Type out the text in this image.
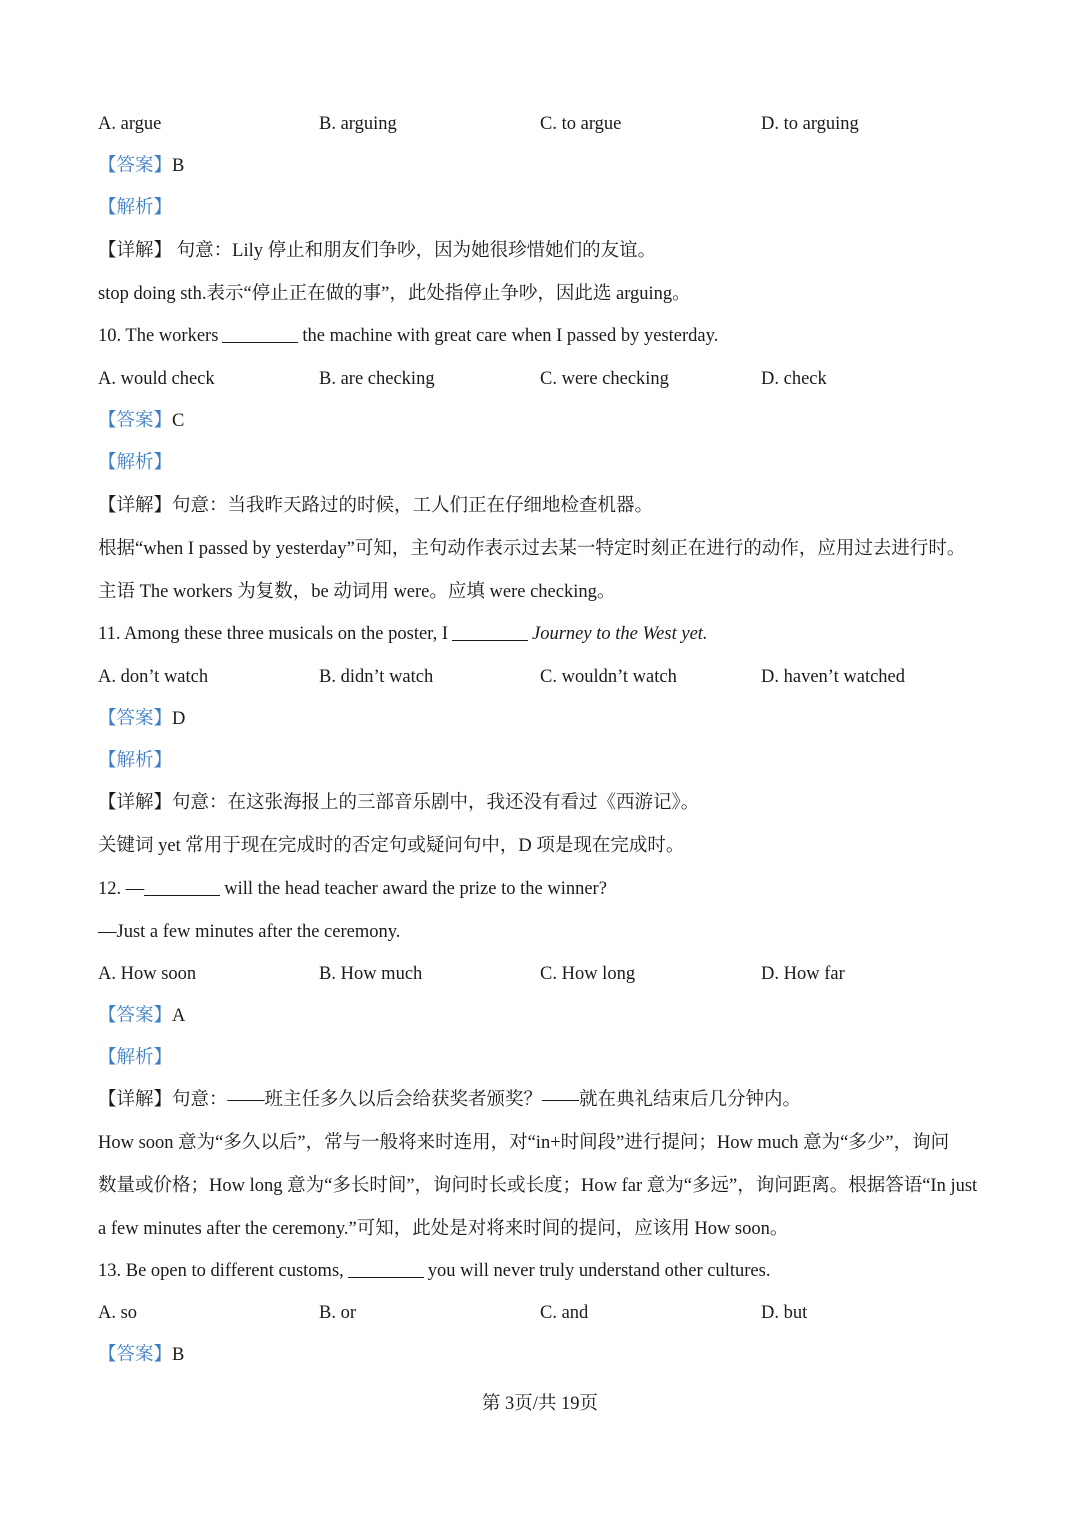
A. argue	B. arguing	C. to argue	D. to arguing
【答案】B
【解析】
【详解】 句意：Lily 停止和朋友们争吵，因为她很珍惜她们的友谊。
stop doing sth.表示“停止正在做的事”，此处指停止争吵，因此选 arguing。
10. The workers	the machine with great care when I passed by yesterday.
A. would check	B. are checking	C. were checking	D. check
【答案】C
【解析】
【详解】句意：当我昨天路过的时候，工人们正在仔细地检查机器。
根据“when I passed by yesterday”可知，主句动作表示过去某一特定时刻正在进行的动作，应用过去进行时。
主语 The workers 为复数，be 动词用 were。应填 were checking。
11. Among these three musicals on the poster, I	Journey to the West yet.
A. don’t watch	B. didn’t watch	C. wouldn’t watch	D. haven’t watched
【答案】D
【解析】
【详解】句意：在这张海报上的三部音乐剧中，我还没有看过《西游记》。
关键词 yet 常用于现在完成时的否定句或疑问句中，D 项是现在完成时。
12. —	will the head teacher award the prize to the winner?
—Just a few minutes after the ceremony.
A. How soon	B. How much	C. How long	D. How far
【答案】A
【解析】
【详解】句意：——班主任多久以后会给获奖者颁奖？——就在典礼结束后几分钟内。
How soon 意为“多久以后”，常与一般将来时连用，对“in+时间段”进行提问；How much 意为“多少”，询问
数量或价格；How long 意为“多长时间”，询问时长或长度；How far 意为“多远”，询问距离。根据答语“In just
a few minutes after the ceremony.”可知，此处是对将来时间的提问，应该用 How soon。
13. Be open to different customs,	you will never truly understand other cultures.
A. so	B. or	C. and	D. but
【答案】B
第 3页/共 19页
